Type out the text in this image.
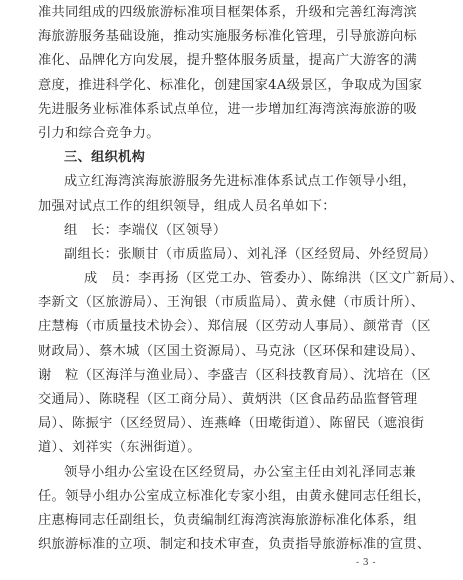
准共同组成的四级旅游标准项目框架体系，升级和完善红海湾滨
海旅游服务基础设施，推动实施服务标准化管理，引导旅游向标
准化、品牌化方向发展，提升整体服务质量，提高广大游客的满
意度，推进科学化、标准化，创建国家4A级景区，争取成为国家
先进服务业标准体系试点单位，进一步增加红海湾滨海旅游的吸
引力和综合竞争力。
三、组织机构
成立红海湾滨海旅游服务先进标准体系试点工作领导小组，
加强对试点工作的组织领导，组成人员名单如下：
组　长：李端仪（区领导）
副组长：张顺甘（市质监局）、刘礼泽（区经贸局、外经贸局）
成　员：李再扬（区党工办、管委办）、陈绵洪（区文广新局）、
李新文（区旅游局）、王洵银（市质监局）、黄永健（市质计所）、
庄慧梅（市质量技术协会）、郑信展（区劳动人事局）、颜常青（区
财政局）、蔡木城（区国土资源局）、马克泳（区环保和建设局）、
谢　粒（区海洋与渔业局）、李盛吉（区科技教育局）、沈培在（区
交通局）、陈晓程（区工商分局）、黄炳洪（区食品药品监督管理
局）、陈振宇（区经贸局）、连燕峰（田墘街道）、陈留民（遮浪街
道）、刘祥实（东洲街道）。
领导小组办公室设在区经贸局，办公室主任由刘礼泽同志兼
任。领导小组办公室成立标准化专家小组，由黄永健同志任组长，
庄惠梅同志任副组长，负责编制红海湾滨海旅游标准化体系，组
织旅游标准的立项、制定和技术审查，负责指导旅游标准的宣贯、
- 3 -
